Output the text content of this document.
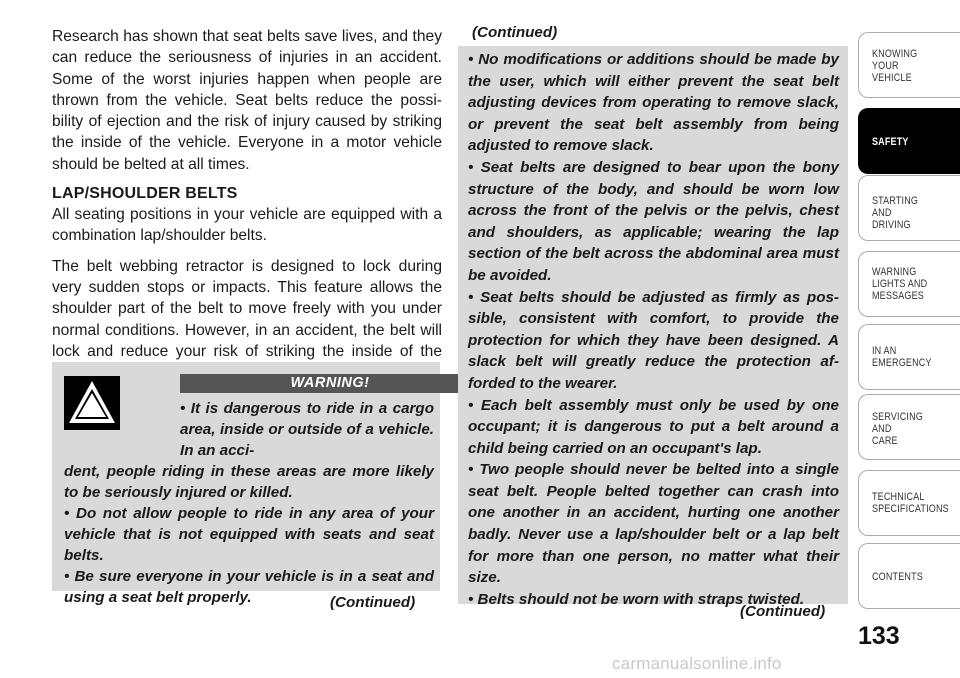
Research has shown that seat belts save lives, and they can reduce the seriousness of injuries in an accident. Some of the worst injuries happen when people are thrown from the vehicle. Seat belts reduce the possi-bility of ejection and the risk of injury caused by striking the inside of the vehicle. Everyone in a motor vehicle should be belted at all times.

LAP/SHOULDER BELTS

All seating positions in your vehicle are equipped with a combination lap/shoulder belts.

The belt webbing retractor is designed to lock during very sudden stops or impacts. This feature allows the shoulder part of the belt to move freely with you under normal conditions. However, in an accident, the belt will lock and reduce your risk of striking the inside of the

WARNING!

• It is dangerous to ride in a cargo area, inside or outside of a vehicle. In an acci-

dent, people riding in these areas are more likely to be seriously injured or killed.

• Do not allow people to ride in any area of your vehicle that is not equipped with seats and seat belts.

• Be sure everyone in your vehicle is in a seat and using a seat belt properly.	(Continued)
(Continued)

• No modifications or additions should be made by the user, which will either prevent the seat belt adjusting devices from operating to remove slack, or prevent the seat belt assembly from being adjusted to remove slack.

• Seat belts are designed to bear upon the bony structure of the body, and should be worn low across the front of the pelvis or the pelvis, chest and shoulders, as applicable; wearing the lap section of the belt across the abdominal area must be avoided.

• Seat belts should be adjusted as firmly as pos-sible, consistent with comfort, to provide the protection for which they have been designed. A slack belt will greatly reduce the protection af-forded to the wearer.

• Each belt assembly must only be used by one occupant; it is dangerous to put a belt around a child being carried on an occupant's lap.

• Two people should never be belted into a single seat belt. People belted together can crash into one another in an accident, hurting one another badly. Never use a lap/shoulder belt or a lap belt for more than one person, no matter what their size.

• Belts should not be worn with straps twisted.

(Continued)
KNOWING
YOUR
VEHICLE
SAFETY
STARTING
AND
DRIVING
WARNING
LIGHTS AND
MESSAGES
IN AN
EMERGENCY
SERVICING
AND
CARE
TECHNICAL
SPECIFICATIONS
CONTENTS
133
carmanualsonline.info
